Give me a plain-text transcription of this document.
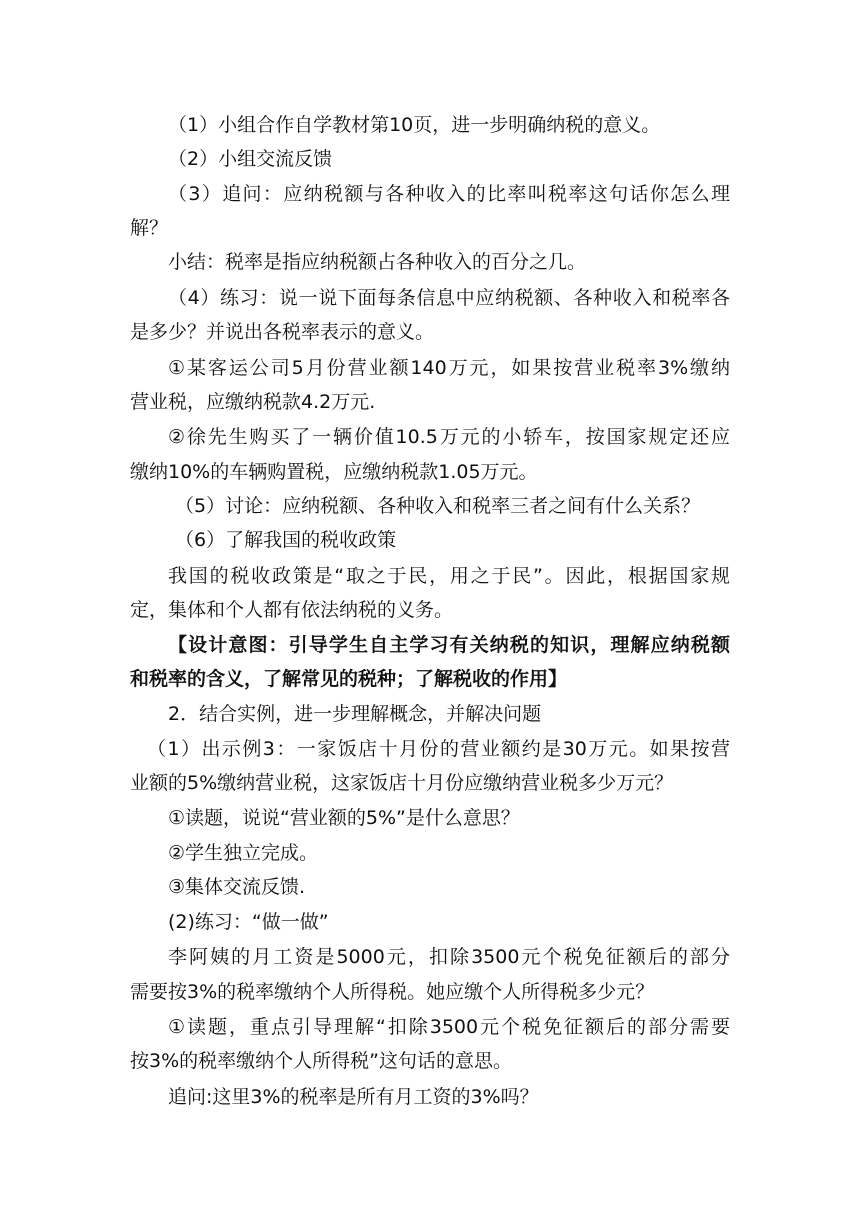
（1）小组合作自学教材第10页，进一步明确纳税的意义。
（2）小组交流反馈
（3）追问：应纳税额与各种收入的比率叫税率这句话你怎么理
解？
小结：税率是指应纳税额占各种收入的百分之几。
（4）练习：说一说下面每条信息中应纳税额、各种收入和税率各
是多少？并说出各税率表示的意义。
①某客运公司5月份营业额140万元，如果按营业税率3%缴纳
营业税，应缴纳税款4.2万元.
②徐先生购买了一辆价值10.5万元的小轿车，按国家规定还应
缴纳10%的车辆购置税，应缴纳税款1.05万元。
（5）讨论：应纳税额、各种收入和税率三者之间有什么关系？
（6）了解我国的税收政策
我国的税收政策是“取之于民，用之于民”。因此，根据国家规
定，集体和个人都有依法纳税的义务。
【设计意图：引导学生自主学习有关纳税的知识，理解应纳税额
和税率的含义，了解常见的税种；了解税收的作用】
2．结合实例，进一步理解概念，并解决问题
（1）出示例3：一家饭店十月份的营业额约是30万元。如果按营
业额的5%缴纳营业税，这家饭店十月份应缴纳营业税多少万元？
①读题，说说“营业额的5%”是什么意思？
②学生独立完成。
③集体交流反馈.
(2)练习：“做一做”
李阿姨的月工资是5000元，扣除3500元个税免征额后的部分
需要按3%的税率缴纳个人所得税。她应缴个人所得税多少元？
①读题，重点引导理解“扣除3500元个税免征额后的部分需要
按3%的税率缴纳个人所得税”这句话的意思。
追问:这里3%的税率是所有月工资的3%吗？
